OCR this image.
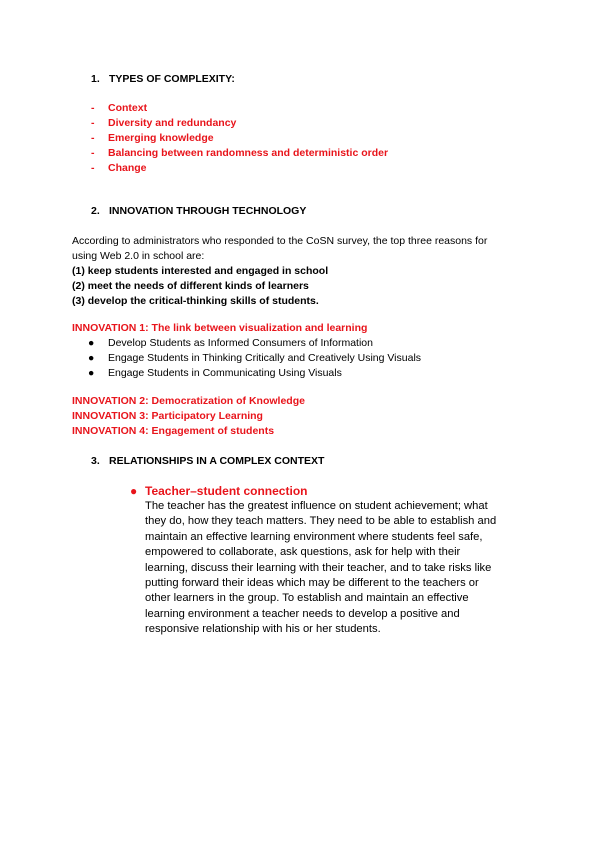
1. TYPES OF COMPLEXITY:
-	Context
-	Diversity and redundancy
-	Emerging knowledge
-	Balancing between randomness and deterministic order
-	Change
2. INNOVATION THROUGH TECHNOLOGY
According to administrators who responded to the CoSN survey, the top three reasons for
using Web 2.0 in school are:
(1) keep students interested and engaged in school
(2) meet the needs of different kinds of learners
(3) develop the critical-thinking skills of students.
INNOVATION 1: The link between visualization and learning
● Develop Students as Informed Consumers of Information
● Engage Students in Thinking Critically and Creatively Using Visuals
● Engage Students in Communicating Using Visuals
INNOVATION 2: Democratization of Knowledge
INNOVATION 3: Participatory Learning
INNOVATION 4: Engagement of students
3. RELATIONSHIPS IN A COMPLEX CONTEXT
● Teacher–student connection
The teacher has the greatest influence on student achievement; what
they do, how they teach matters. They need to be able to establish and
maintain an effective learning environment where students feel safe,
empowered to collaborate, ask questions, ask for help with their
learning, discuss their learning with their teacher, and to take risks like
putting forward their ideas which may be different to the teachers or
other learners in the group. To establish and maintain an effective
learning environment a teacher needs to develop a positive and
responsive relationship with his or her students.
